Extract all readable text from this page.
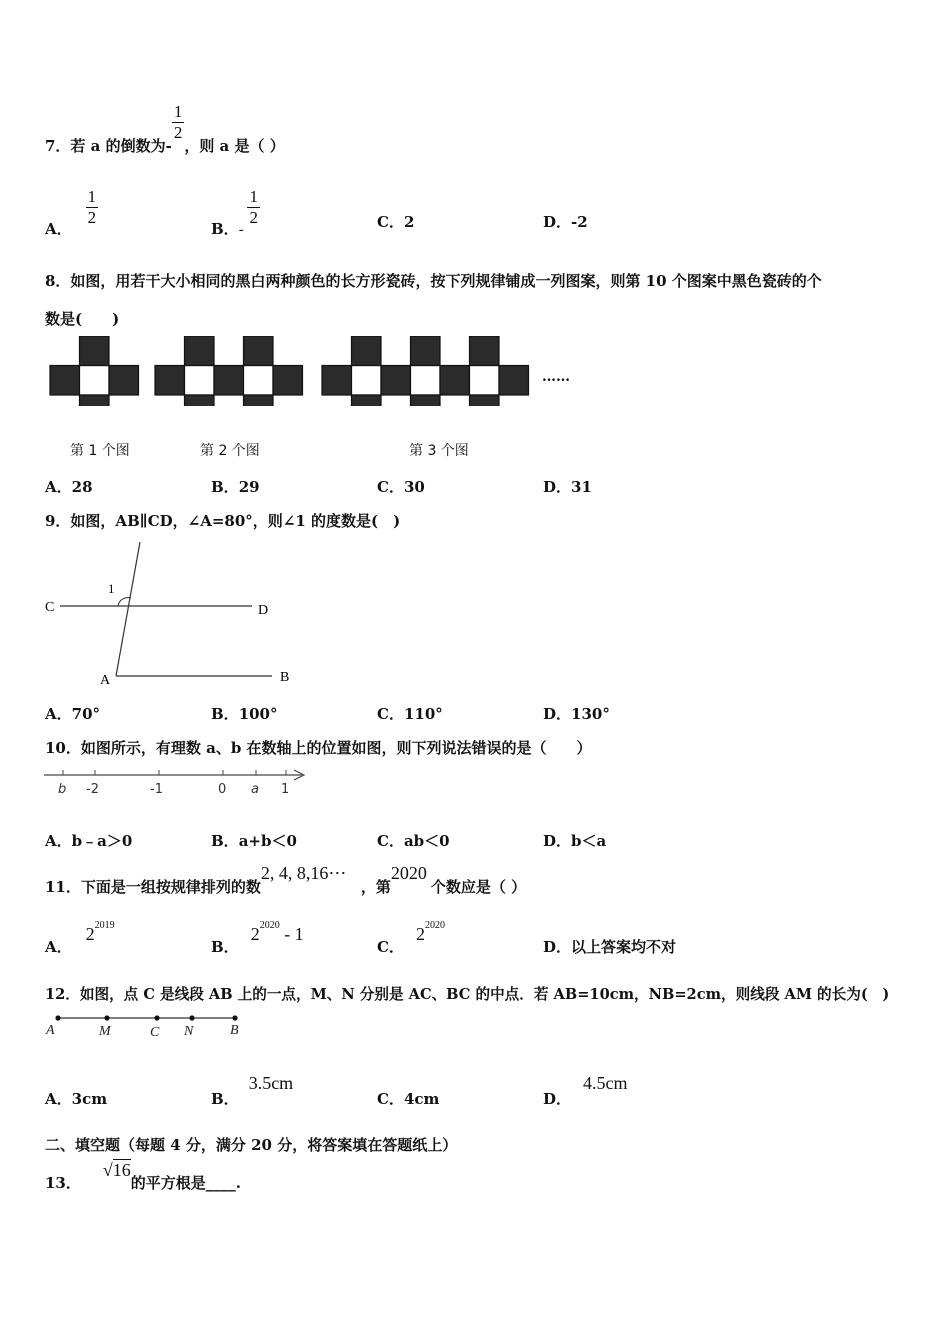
7．若 a 的倒数为-
$\frac{1}{2}$
，则 a 是（ ）
A．
$\frac{1}{2}$
B．-
$\frac{1}{2}$	C．2	D．-2
8．如图，用若干大小相同的黑白两种颜色的长方形瓷砖，按下列规律铺成一列图案，则第 10 个图案中黑色瓷砖的个
数是(　　)
……
第 1 个图	第 2 个图	第 3 个图
A．28	B．29	C．30	D．31
9．如图，AB∥CD，∠A=80°，则∠1 的度数是(　)
C	D
A	B
1
A．70°	B．100°	C．110°	D．130°
10．如图所示，有理数 a、b 在数轴上的位置如图，则下列说法错误的是（　　）
b -2	-1	0 a 1
A．b﹣a＞0	B．a+b＜0	C．ab＜0	D．b＜a
11．下面是一组按规律排列的数2, 4, 8,16⋯，第2020个数应是（ ）
A．$2^{2019}$
B．$2^{2020} - 1$
C．$2^{2020}$
D．以上答案均不对
12．如图，点 C 是线段 AB 上的一点，M、N 分别是 AC、BC 的中点．若 AB=10cm，NB=2cm，则线段 AM 的长为(　)
A	M	C N	B
A．3cm	B．3.5cm
C．4cm	D．4.5cm
二、填空题（每题 4 分，满分 20 分，将答案填在答题纸上）
13．√16的平方根是____.
